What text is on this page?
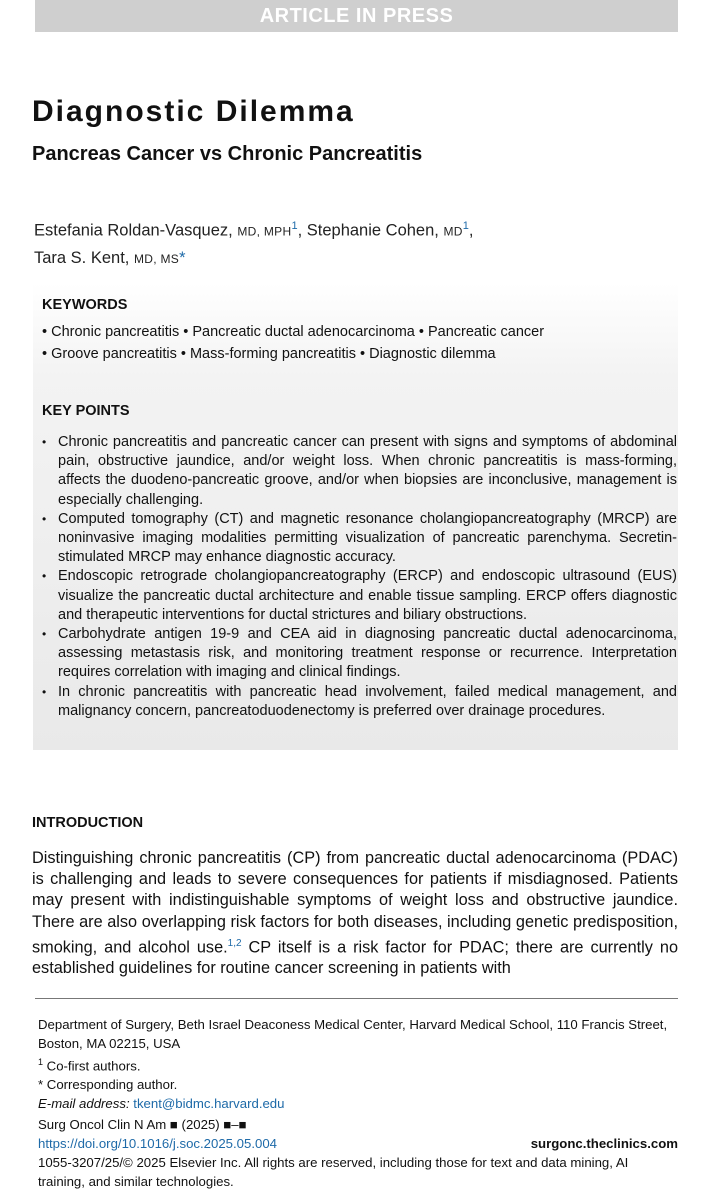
ARTICLE IN PRESS
Diagnostic Dilemma
Pancreas Cancer vs Chronic Pancreatitis
Estefania Roldan-Vasquez, MD, MPH$^1$, Stephanie Cohen, $MD^1$,
Tara S. Kent, MD, MS*
KEYWORDS
• Chronic pancreatitis • Pancreatic ductal adenocarcinoma • Pancreatic cancer
• Groove pancreatitis • Mass-forming pancreatitis • Diagnostic dilemma
KEY POINTS
• Chronic pancreatitis and pancreatic cancer can present with signs and symptoms of abdominal pain, obstructive jaundice, and/or weight loss. When chronic pancreatitis is mass-forming, affects the duodeno-pancreatic groove, and/or when biopsies are inconclusive, management is especially challenging.
• Computed tomography (CT) and magnetic resonance cholangiopancreatography (MRCP) are noninvasive imaging modalities permitting visualization of pancreatic parenchyma. Secretin-stimulated MRCP may enhance diagnostic accuracy.
• Endoscopic retrograde cholangiopancreatography (ERCP) and endoscopic ultrasound (EUS) visualize the pancreatic ductal architecture and enable tissue sampling. ERCP offers diagnostic and therapeutic interventions for ductal strictures and biliary obstructions.
• Carbohydrate antigen 19-9 and CEA aid in diagnosing pancreatic ductal adenocarcinoma, assessing metastasis risk, and monitoring treatment response or recurrence. Interpretation requires correlation with imaging and clinical findings.
• In chronic pancreatitis with pancreatic head involvement, failed medical management, and malignancy concern, pancreatoduodenectomy is preferred over drainage procedures.
INTRODUCTION
Distinguishing chronic pancreatitis (CP) from pancreatic ductal adenocarcinoma (PDAC) is challenging and leads to severe consequences for patients if misdiagnosed. Patients may present with indistinguishable symptoms of weight loss and obstructive jaundice. There are also overlapping risk factors for both diseases, including genetic predisposition, smoking, and alcohol use.$^{1,2}$ CP itself is a risk factor for PDAC; there are currently no established guidelines for routine cancer screening in patients with
Department of Surgery, Beth Israel Deaconess Medical Center, Harvard Medical School, 110 Francis Street, Boston, MA 02215, USA
$^1$ Co-first authors.
* Corresponding author.
E-mail address: tkent@bidmc.harvard.edu
Surg Oncol Clin N Am ■ (2025) ■–■
https://doi.org/10.1016/j.soc.2025.05.004	surgonc.theclinics.com
1055-3207/25/© 2025 Elsevier Inc. All rights are reserved, including those for text and data mining, AI training, and similar technologies.
